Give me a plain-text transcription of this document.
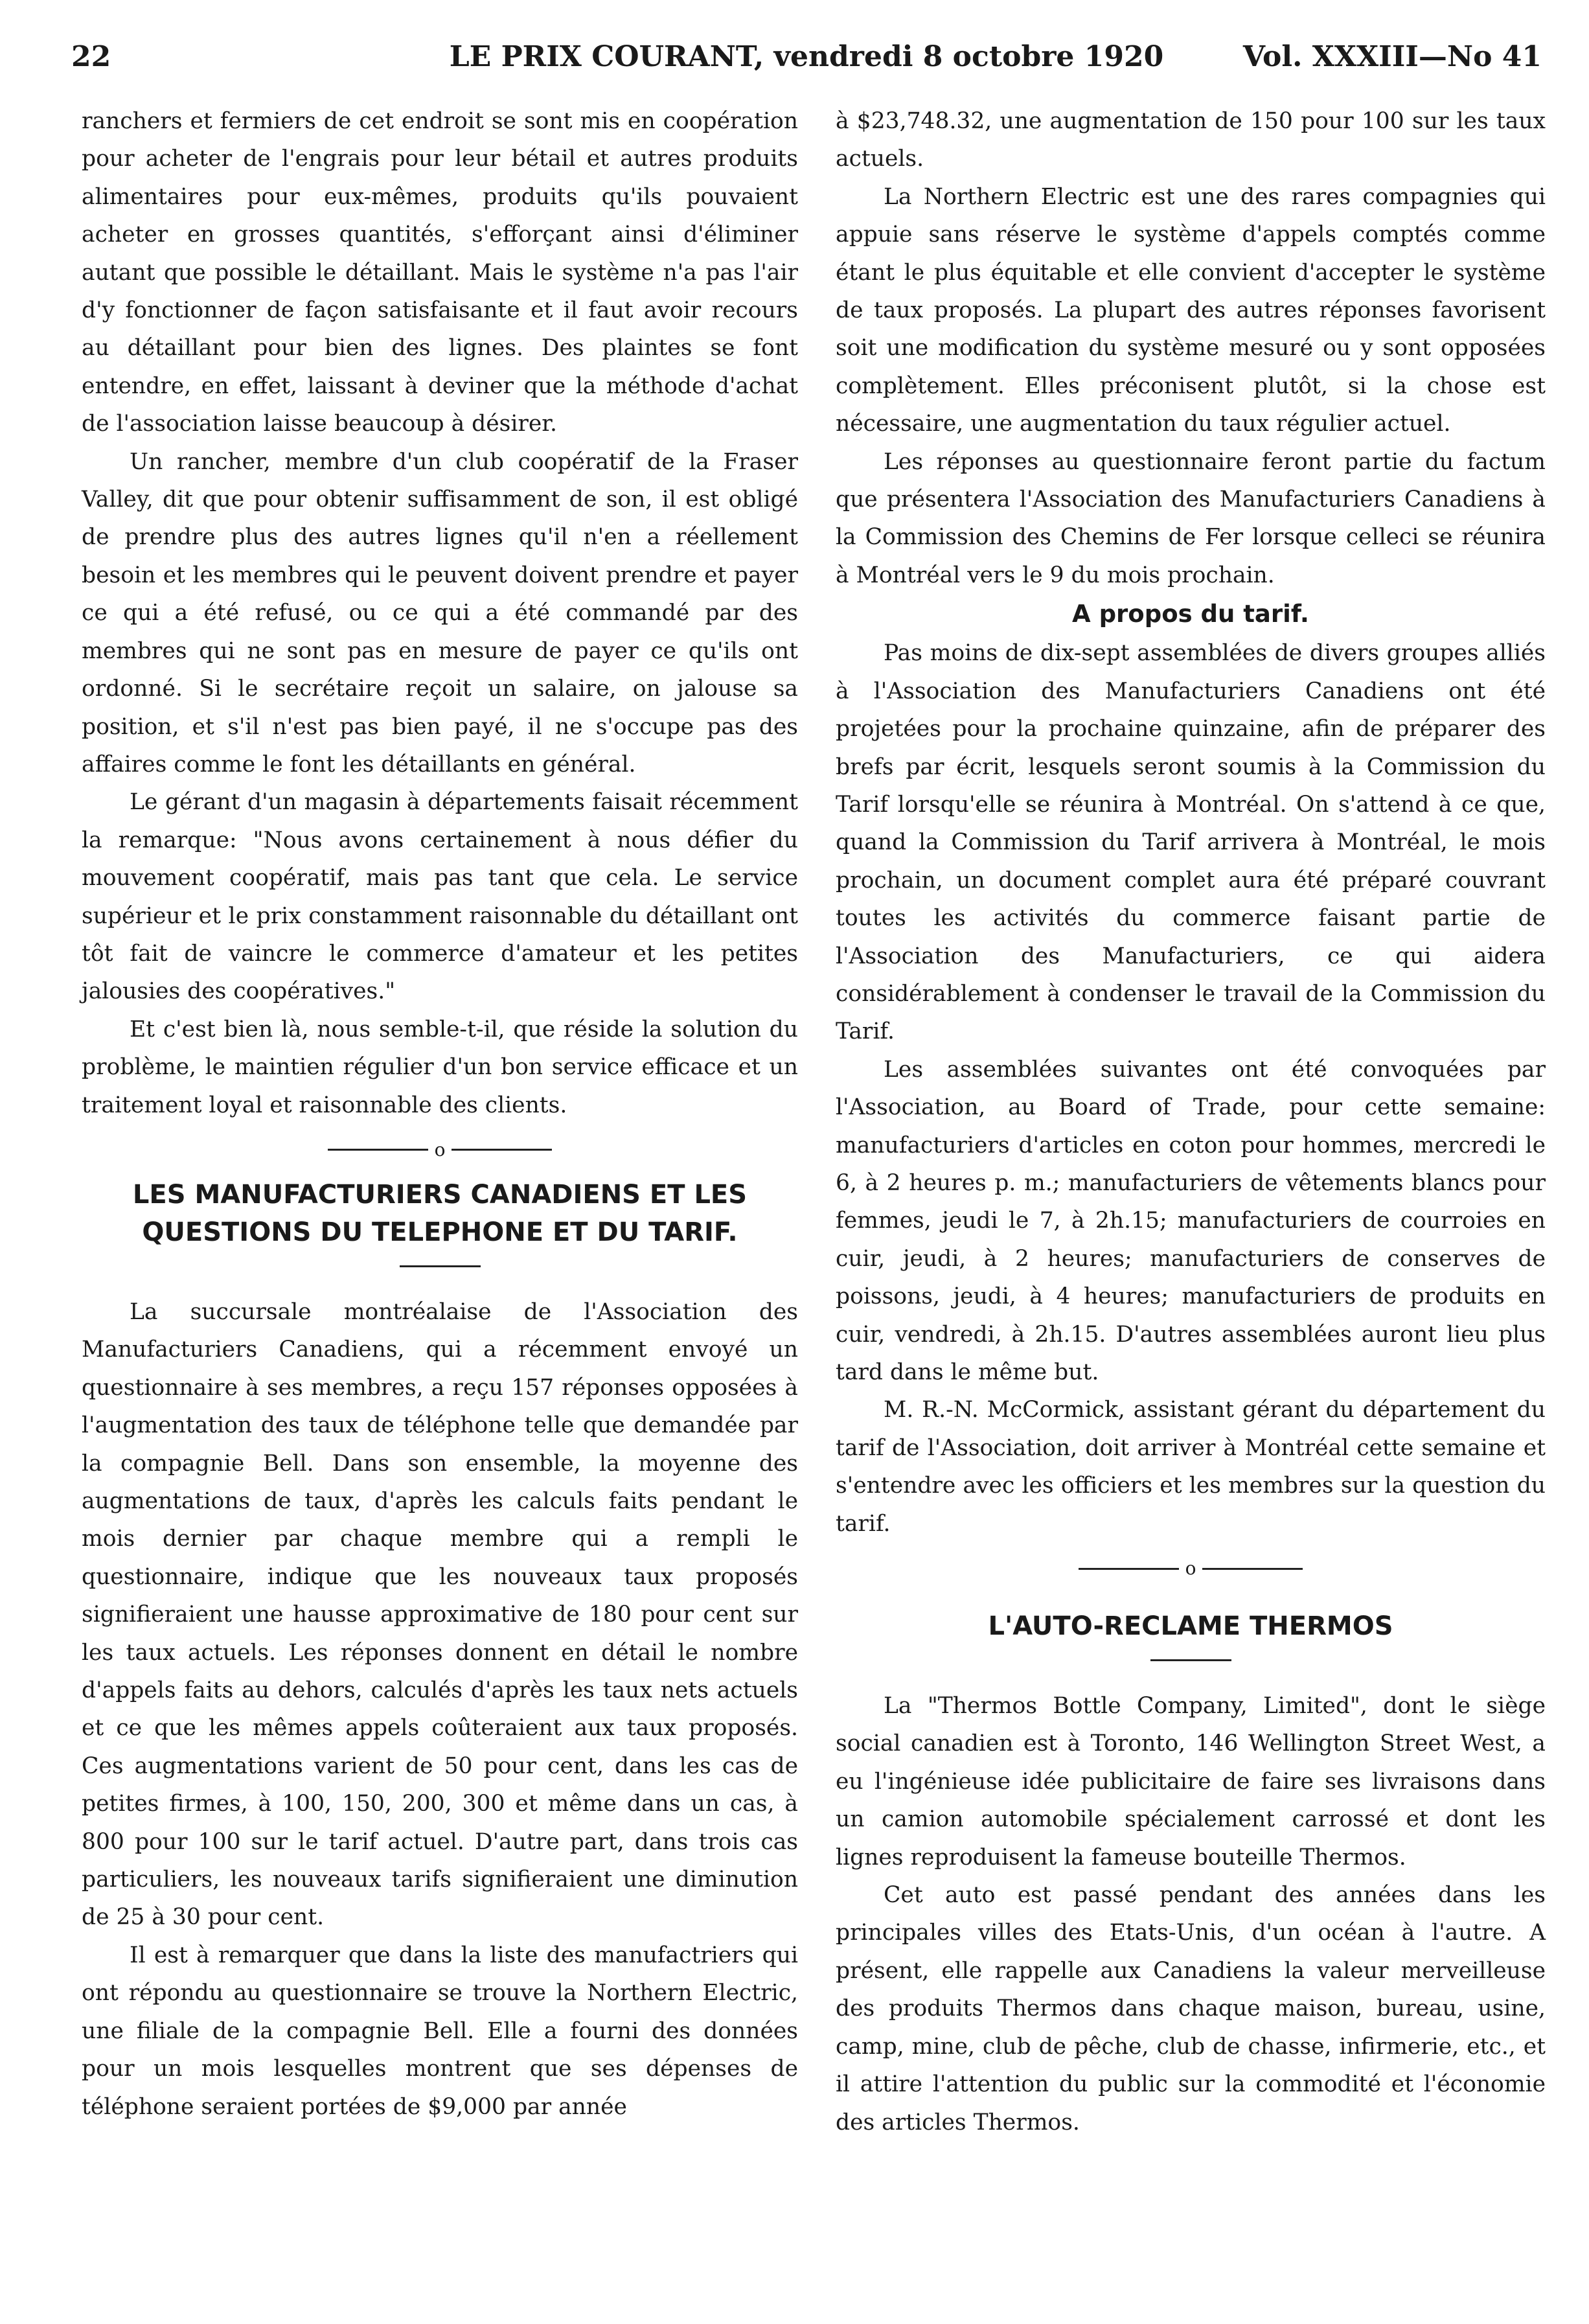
22	LE PRIX COURANT, vendredi 8 octobre 1920	Vol. XXXIII—No 41

ranchers et fermiers de cet endroit se sont mis en coopération pour acheter de l'engrais pour leur bétail et autres produits alimentaires pour eux-mêmes, produits qu'ils pouvaient acheter en grosses quantités, s'efforçant ainsi d'éliminer autant que possible le détaillant. Mais le système n'a pas l'air d'y fonctionner de façon satisfaisante et il faut avoir recours au détaillant pour bien des lignes. Des plaintes se font entendre, en effet, laissant à deviner que la méthode d'achat de l'association laisse beaucoup à désirer.

Un rancher, membre d'un club coopératif de la Fraser Valley, dit que pour obtenir suffisamment de son, il est obligé de prendre plus des autres lignes qu'il n'en a réellement besoin et les membres qui le peuvent doivent prendre et payer ce qui a été refusé, ou ce qui a été commandé par des membres qui ne sont pas en mesure de payer ce qu'ils ont ordonné. Si le secrétaire reçoit un salaire, on jalouse sa position, et s'il n'est pas bien payé, il ne s'occupe pas des affaires comme le font les détaillants en général.

Le gérant d'un magasin à départements faisait récemment la remarque: "Nous avons certainement à nous défier du mouvement coopératif, mais pas tant que cela. Le service supérieur et le prix constamment raisonnable du détaillant ont tôt fait de vaincre le commerce d'amateur et les petites jalousies des coopératives."

Et c'est bien là, nous semble-t-il, que réside la solution du problème, le maintien régulier d'un bon service efficace et un traitement loyal et raisonnable des clients.

o

LES MANUFACTURIERS CANADIENS ET LES

QUESTIONS DU TELEPHONE ET DU TARIF.

La succursale montréalaise de l'Association des Manufacturiers Canadiens, qui a récemment envoyé un questionnaire à ses membres, a reçu 157 réponses opposées à l'augmentation des taux de téléphone telle que demandée par la compagnie Bell. Dans son ensemble, la moyenne des augmentations de taux, d'après les calculs faits pendant le mois dernier par chaque membre qui a rempli le questionnaire, indique que les nouveaux taux proposés signifieraient une hausse approximative de 180 pour cent sur les taux actuels. Les réponses donnent en détail le nombre d'appels faits au dehors, calculés d'après les taux nets actuels et ce que les mêmes appels coûteraient aux taux proposés. Ces augmentations varient de 50 pour cent, dans les cas de petites firmes, à 100, 150, 200, 300 et même dans un cas, à 800 pour 100 sur le tarif actuel. D'autre part, dans trois cas particuliers, les nouveaux tarifs signifieraient une diminution de 25 à 30 pour cent.

Il est à remarquer que dans la liste des manufactriers qui ont répondu au questionnaire se trouve la Northern Electric, une filiale de la compagnie Bell. Elle a fourni des données pour un mois lesquelles montrent que ses dépenses de téléphone seraient portées de $9,000 par année

à $23,748.32, une augmentation de 150 pour 100 sur les taux actuels.

La Northern Electric est une des rares compagnies qui appuie sans réserve le système d'appels comptés comme étant le plus équitable et elle convient d'accepter le système de taux proposés. La plupart des autres réponses favorisent soit une modification du système mesuré ou y sont opposées complètement. Elles préconisent plutôt, si la chose est nécessaire, une augmentation du taux régulier actuel.

Les réponses au questionnaire feront partie du factum que présentera l'Association des Manufacturiers Canadiens à la Commission des Chemins de Fer lorsque celleci se réunira à Montréal vers le 9 du mois prochain.

A propos du tarif.

Pas moins de dix-sept assemblées de divers groupes alliés à l'Association des Manufacturiers Canadiens ont été projetées pour la prochaine quinzaine, afin de préparer des brefs par écrit, lesquels seront soumis à la Commission du Tarif lorsqu'elle se réunira à Montréal. On s'attend à ce que, quand la Commission du Tarif arrivera à Montréal, le mois prochain, un document complet aura été préparé couvrant toutes les activités du commerce faisant partie de l'Association des Manufacturiers, ce qui aidera considérablement à condenser le travail de la Commission du Tarif.

Les assemblées suivantes ont été convoquées par l'Association, au Board of Trade, pour cette semaine: manufacturiers d'articles en coton pour hommes, mercredi le 6, à 2 heures p. m.; manufacturiers de vêtements blancs pour femmes, jeudi le 7, à 2h.15; manufacturiers de courroies en cuir, jeudi, à 2 heures; manufacturiers de conserves de poissons, jeudi, à 4 heures; manufacturiers de produits en cuir, vendredi, à 2h.15. D'autres assemblées auront lieu plus tard dans le même but.

M. R.-N. McCormick, assistant gérant du département du tarif de l'Association, doit arriver à Montréal cette semaine et s'entendre avec les officiers et les membres sur la question du tarif.

o

L'AUTO-RECLAME THERMOS

La "Thermos Bottle Company, Limited", dont le siège social canadien est à Toronto, 146 Wellington Street West, a eu l'ingénieuse idée publicitaire de faire ses livraisons dans un camion automobile spécialement carrossé et dont les lignes reproduisent la fameuse bouteille Thermos.

Cet auto est passé pendant des années dans les principales villes des Etats-Unis, d'un océan à l'autre. A présent, elle rappelle aux Canadiens la valeur merveilleuse des produits Thermos dans chaque maison, bureau, usine, camp, mine, club de pêche, club de chasse, infirmerie, etc., et il attire l'attention du public sur la commodité et l'économie des articles Thermos.
